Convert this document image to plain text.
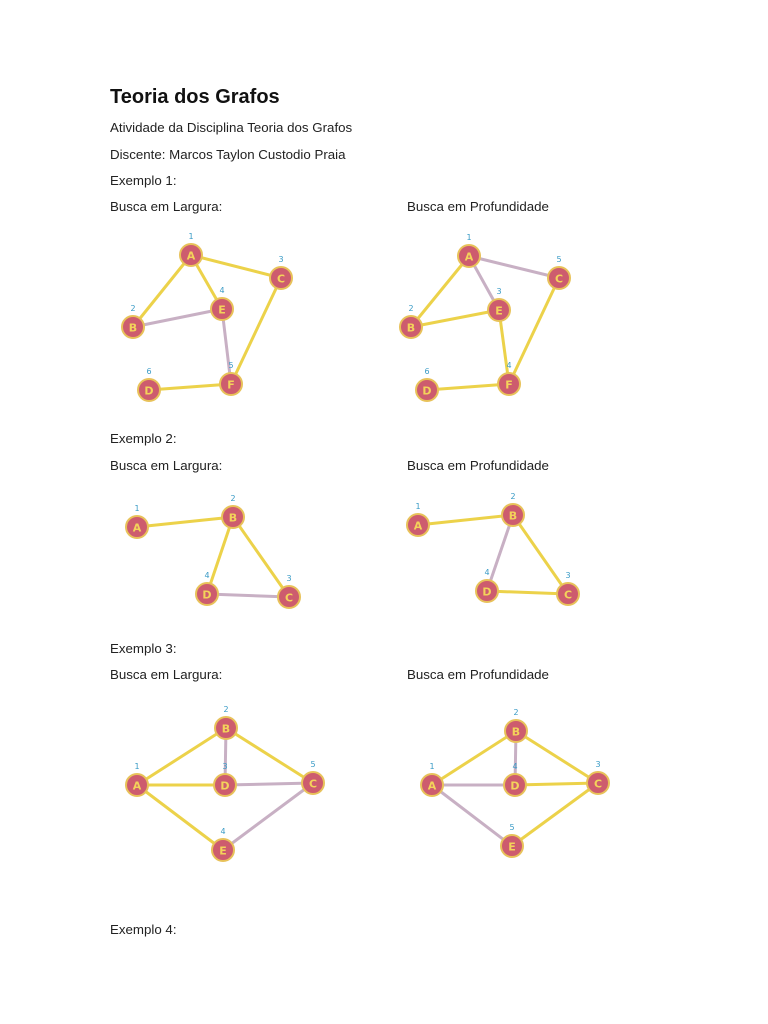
Teoria dos Grafos
Atividade da Disciplina Teoria dos Grafos
Discente: Marcos Taylon Custodio Praia
Exemplo 1:
Busca em Largura:	Busca em Profundidade
Exemplo 2:
Busca em Largura:	Busca em Profundidade
Exemplo 3:
Busca em Largura:	Busca em Profundidade
Exemplo 4:
A
1
B
2
C
3
E
4
F
5
D
6
A
1
B
2	E
3
F
4
C
5
D
6
A
1
B
2
C
3
D
4
A
1
B
2
C
3
D
4
A
1
B
2
D
3
E
4
C
5
A
1
B
2
C
3
D
4
E
5
